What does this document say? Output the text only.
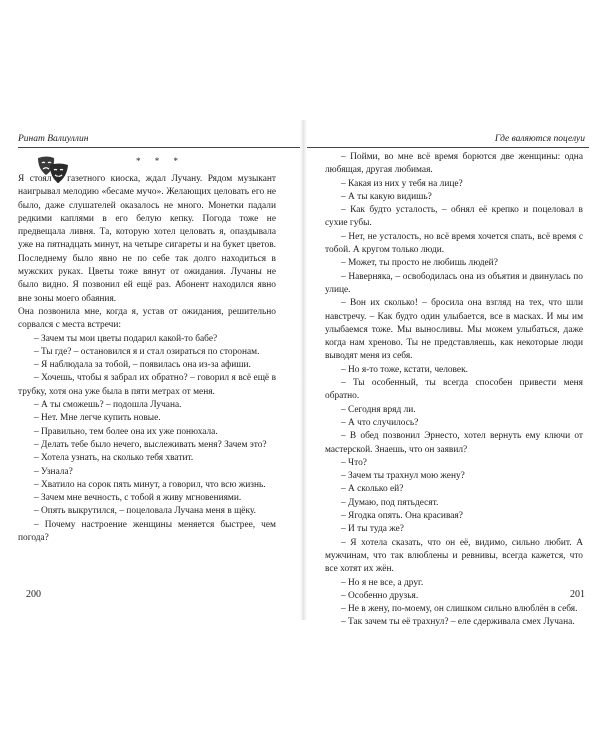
Ринат Валиуллин
* * *

Я стоял у газетного киоска, ждал Лучану. Рядом музыкант наигрывал мелодию «бесаме мучо». Желающих целовать его не было, даже слушателей оказалось не много. Монетки падали редкими каплями в его белую кепку. Погода тоже не предвещала ливня. Та, которую хотел целовать я, опаздывала уже на пятнадцать минут, на четыре сигареты и на букет цветов. Последнему было явно не по себе так долго находиться в мужских руках. Цветы тоже вянут от ожидания. Лучаны не было видно. Я позвонил ей ещё раз. Абонент находился явно вне зоны моего обаяния.

Она позвонила мне, когда я, устав от ожидания, решительно сорвался с места встречи:

– Зачем ты мои цветы подарил какой-то бабе?

– Ты где? – остановился я и стал озираться по сторонам.

– Я наблюдала за тобой, – появилась она из-за афиши.

– Хочешь, чтобы я забрал их обратно? – говорил я всё ещё в трубку, хотя она уже была в пяти метрах от меня.

– А ты сможешь? – подошла Лучана.

– Нет. Мне легче купить новые.

– Правильно, тем более она их уже понюхала.

– Делать тебе было нечего, выслеживать меня? Зачем это?

– Хотела узнать, на сколько тебя хватит.

– Узнала?

– Хватило на сорок пять минут, а говорил, что всю жизнь.

– Зачем мне вечность, с тобой я живу мгновениями.

– Опять выкрутился, – поцеловала Лучана меня в щёку.

– Почему настроение женщины меняется быстрее, чем погода?

200
Где валяются поцелуи

– Пойми, во мне всё время борются две женщины: одна любящая, другая любимая.

– Какая из них у тебя на лице?

– А ты какую видишь?

– Как будто усталость, – обнял её крепко и поцеловал в сухие губы.

– Нет, не усталость, но всё время хочется спать, всё время с тобой. А кругом только люди.

– Может, ты просто не любишь людей?

– Наверняка, – освободилась она из объятия и двинулась по улице.

– Вон их сколько! – бросила она взгляд на тех, что шли навстречу. – Как будто один улыбается, все в масках. И мы им улыбаемся тоже. Мы выносливы. Мы можем улыбаться, даже когда нам хреново. Ты не представляешь, как некоторые люди выводят меня из себя.

– Но я-то тоже, кстати, человек.

– Ты особенный, ты всегда способен привести меня обратно.

– Сегодня вряд ли.

– А что случилось?

– В обед позвонил Эрнесто, хотел вернуть ему ключи от мастерской. Знаешь, что он заявил?

– Что?

– Зачем ты трахнул мою жену?

– А сколько ей?

– Думаю, под пятьдесят.

– Ягодка опять. Она красивая?

– И ты туда же?

– Я хотела сказать, что он её, видимо, сильно любит. А мужчинам, что так влюблены и ревнивы, всегда кажется, что все хотят их жён.

– Но я не все, а друг.

– Особенно друзья.

– Не в жену, по-моему, он слишком сильно влюблён в себя.

– Так зачем ты её трахнул? – еле сдерживала смех Лучана.

201
